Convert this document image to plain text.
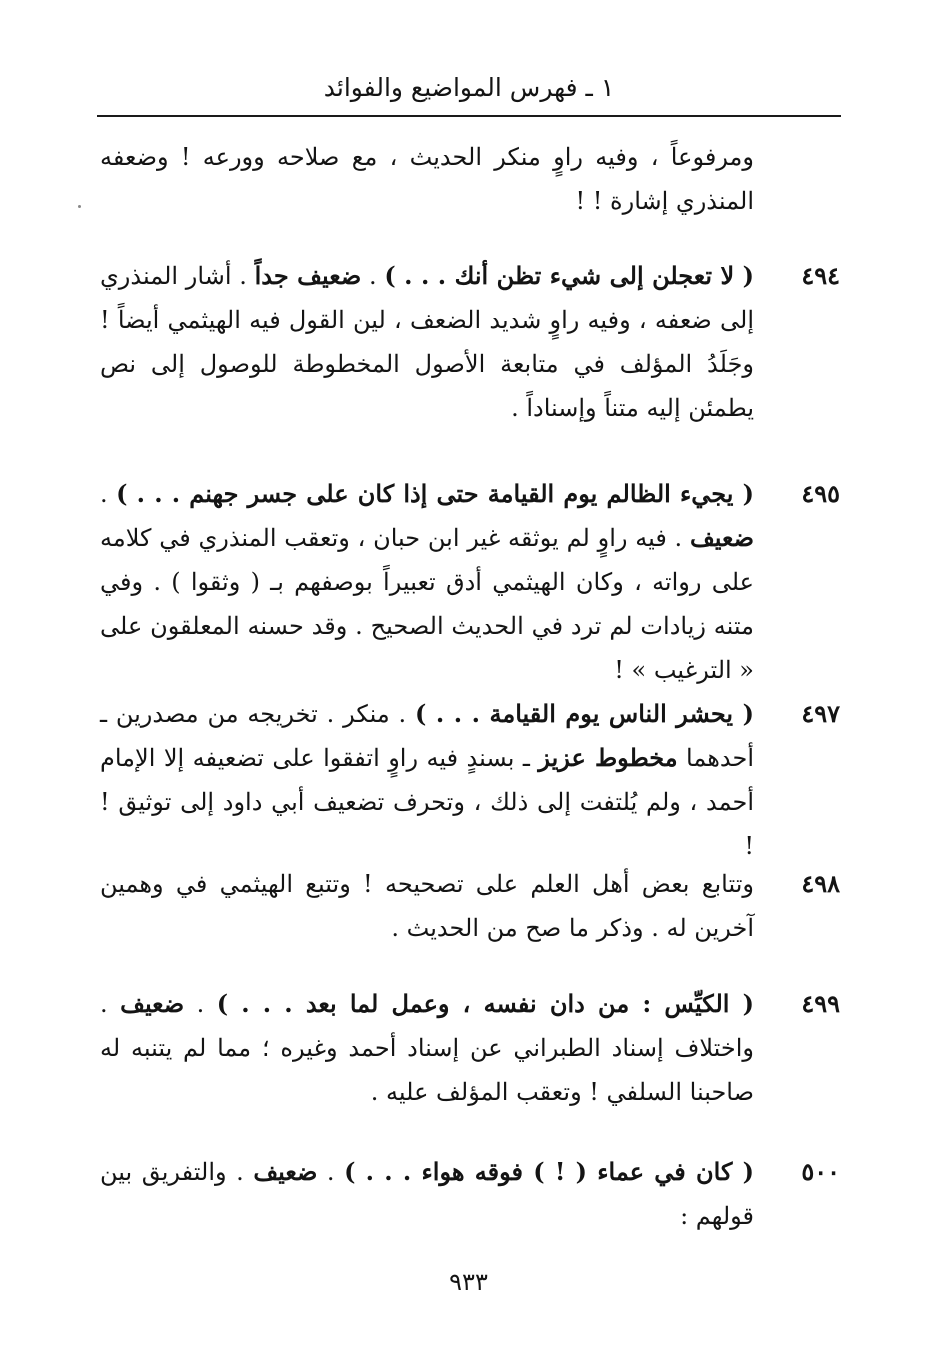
١ ـ فهرس المواضيع والفوائد
ومرفوعاً ، وفيه راوٍ منكر الحديث ، مع صلاحه وورعه ! وضعفه المنذري إشارة ! !
٤٩٤
( لا تعجلن إلى شيء تظن أنك . . . ) . ضعيف جداً . أشار المنذري إلى ضعفه ، وفيه راوٍ شديد الضعف ، لين القول فيه الهيثمي أيضاً ! وجَلَدُ المؤلف في متابعة الأصول المخطوطة للوصول إلى نص يطمئن إليه متناً وإسناداً .
٤٩٥
( يجيء الظالم يوم القيامة حتى إذا كان على جسر جهنم . . . ) . ضعيف . فيه راوٍ لم يوثقه غير ابن حبان ، وتعقب المنذري في كلامه على رواته ، وكان الهيثمي أدق تعبيراً بوصفهم بـ ( وثقوا ) . وفي متنه زيادات لم ترد في الحديث الصحيح . وقد حسنه المعلقون على « الترغيب » !
٤٩٧
( يحشر الناس يوم القيامة . . . ) . منكر . تخريجه من مصدرين ـ أحدهما مخطوط عزيز ـ بسندٍ فيه راوٍ اتفقوا على تضعيفه إلا الإمام أحمد ، ولم يُلتفت إلى ذلك ، وتحرف تضعيف أبي داود إلى توثيق ! !
٤٩٨
وتتابع بعض أهل العلم على تصحيحه ! وتتبع الهيثمي في وهمين آخرين له . وذكر ما صح من الحديث .
٤٩٩
( الكيِّس : من دان نفسه ، وعمل لما بعد . . . ) . ضعيف . واختلاف إسناد الطبراني عن إسناد أحمد وغيره ؛ مما لم يتنبه له صاحبنا السلفي ! وتعقب المؤلف عليه .
٥٠٠
( كان في عماء ( ! ) فوقه هواء . . . ) . ضعيف . والتفريق بين قولهم :
٩٣٣
